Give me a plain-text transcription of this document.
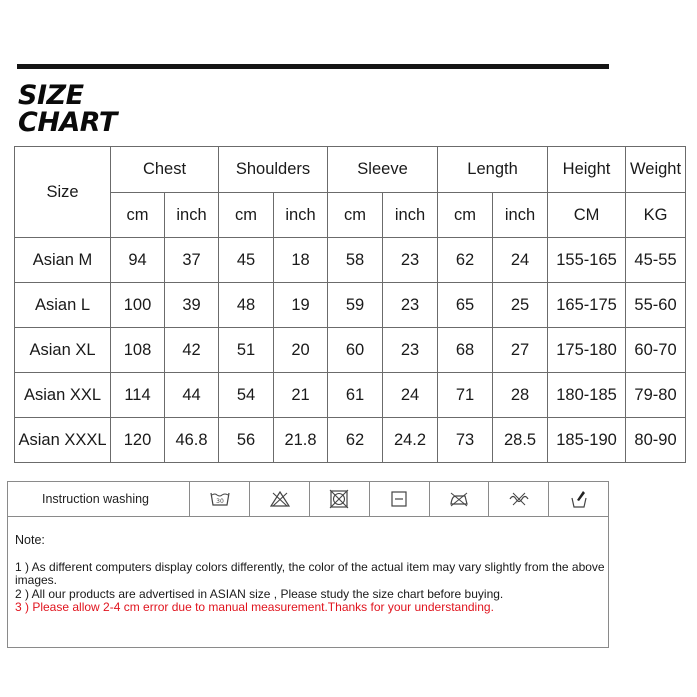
SIZE
CHART
Size	Chest		Shoulders		Sleeve		Length		Height	Weight
	cm	inch	cm	inch	cm	inch	cm	inch	CM	KG
Asian M	94	37	45	18	58	23	62	24	155-165	45-55
Asian L	100	39	48	19	59	23	65	25	165-175	55-60
Asian XL	108	42	51	20	60	23	68	27	175-180	60-70
Asian XXL	114	44	54	21	61	24	71	28	180-185	79-80
Asian XXXL	120	46.8	56	21.8	62	24.2	73	28.5	185-190	80-90
Instruction washing	30
Note:
1 ) As different computers display colors differently, the color of the actual item may vary slightly from the above images.
2 ) All our products are advertised in ASIAN size , Please study the size chart before buying.
3 ) Please allow 2-4 cm error due to manual measurement.Thanks for your understanding.
